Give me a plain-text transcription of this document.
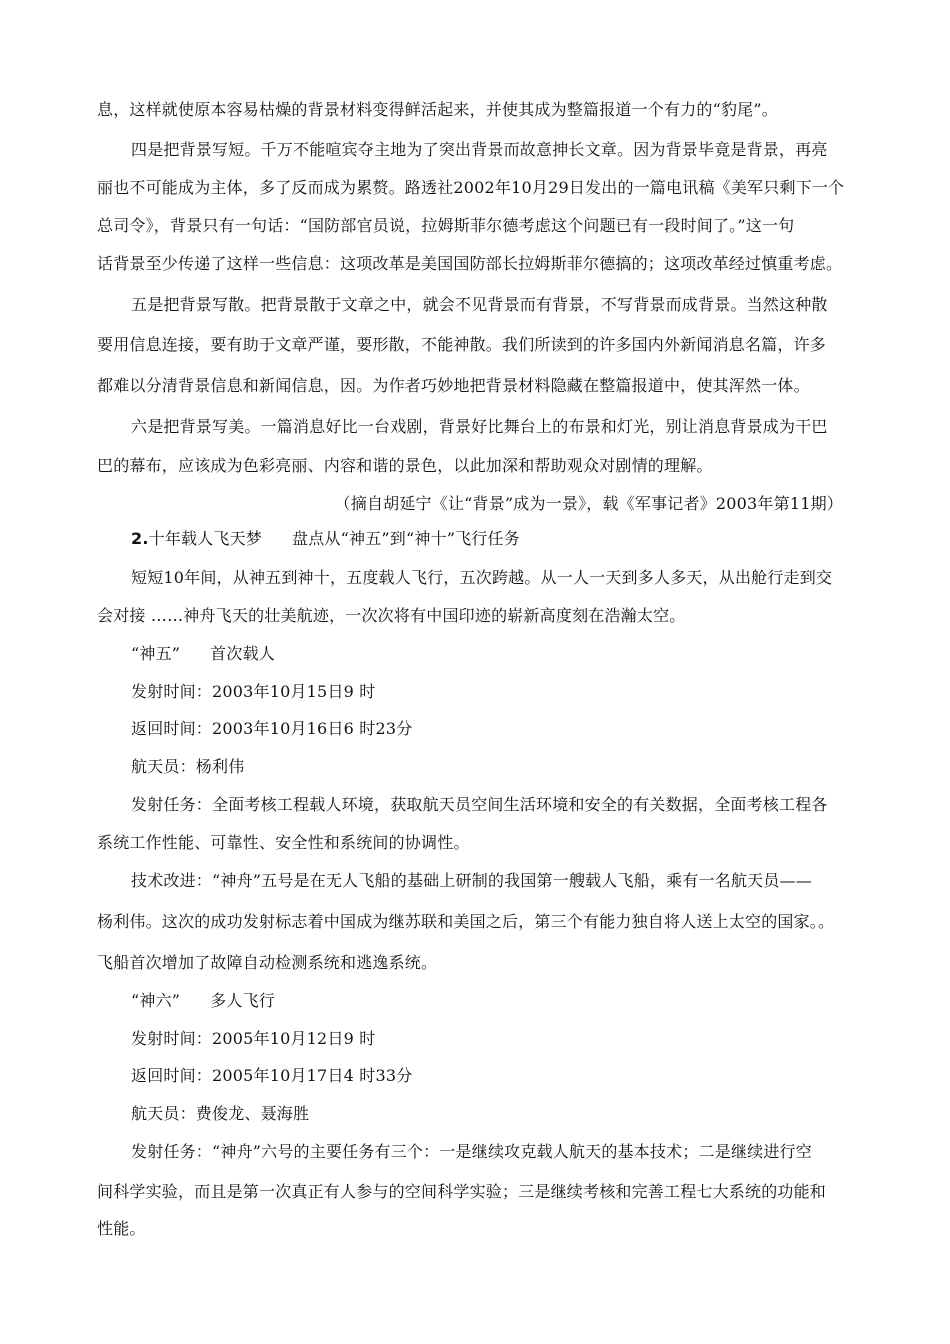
息，这样就使原本容易枯燥的背景材料变得鲜活起来，并使其成为整篇报道一个有力的“豹尾”。

四是把背景写短。千万不能喧宾夺主地为了突出背景而故意抻长文章。因为背景毕竟是背景，再亮

丽也不可能成为主体，多了反而成为累赘。路透社2002年10月29日发出的一篇电讯稿《美军只剩下一个

总司令》，背景只有一句话：“国防部官员说，拉姆斯菲尔德考虑这个问题已有一段时间了。”这一句

话背景至少传递了这样一些信息：这项改革是美国国防部长拉姆斯菲尔德搞的；这项改革经过慎重考虑。

五是把背景写散。把背景散于文章之中，就会不见背景而有背景，不写背景而成背景。当然这种散

要用信息连接，要有助于文章严谨，要形散，不能神散。我们所读到的许多国内外新闻消息名篇，许多

都难以分清背景信息和新闻信息，因。为作者巧妙地把背景材料隐藏在整篇报道中，使其浑然一体。

六是把背景写美。一篇消息好比一台戏剧，背景好比舞台上的布景和灯光，别让消息背景成为干巴

巴的幕布，应该成为色彩亮丽、内容和谐的景色，以此加深和帮助观众对剧情的理解。

（摘自胡延宁《让“背景”成为一景》，载《军事记者》2003年第11期）

2.十年载人飞天梦 盘点从“神五”到“神十”飞行任务

短短10年间，从神五到神十，五度载人飞行，五次跨越。从一人一天到多人多天，从出舱行走到交

会对接 ……神舟飞天的壮美航迹，一次次将有中国印迹的崭新高度刻在浩瀚太空。

“神五” 首次载人

发射时间：2003年10月15日9 时

返回时间：2003年10月16日6 时23分

航天员：杨利伟

发射任务：全面考核工程载人环境，获取航天员空间生活环境和安全的有关数据，全面考核工程各

系统工作性能、可靠性、安全性和系统间的协调性。

技术改进：“神舟”五号是在无人飞船的基础上研制的我国第一艘载人飞船，乘有一名航天员——

杨利伟。这次的成功发射标志着中国成为继苏联和美国之后，第三个有能力独自将人送上太空的国家。。

飞船首次增加了故障自动检测系统和逃逸系统。

“神六” 多人飞行

发射时间：2005年10月12日9 时

返回时间：2005年10月17日4 时33分

航天员：费俊龙、聂海胜

发射任务：“神舟”六号的主要任务有三个：一是继续攻克载人航天的基本技术；二是继续进行空

间科学实验，而且是第一次真正有人参与的空间科学实验；三是继续考核和完善工程七大系统的功能和

性能。
